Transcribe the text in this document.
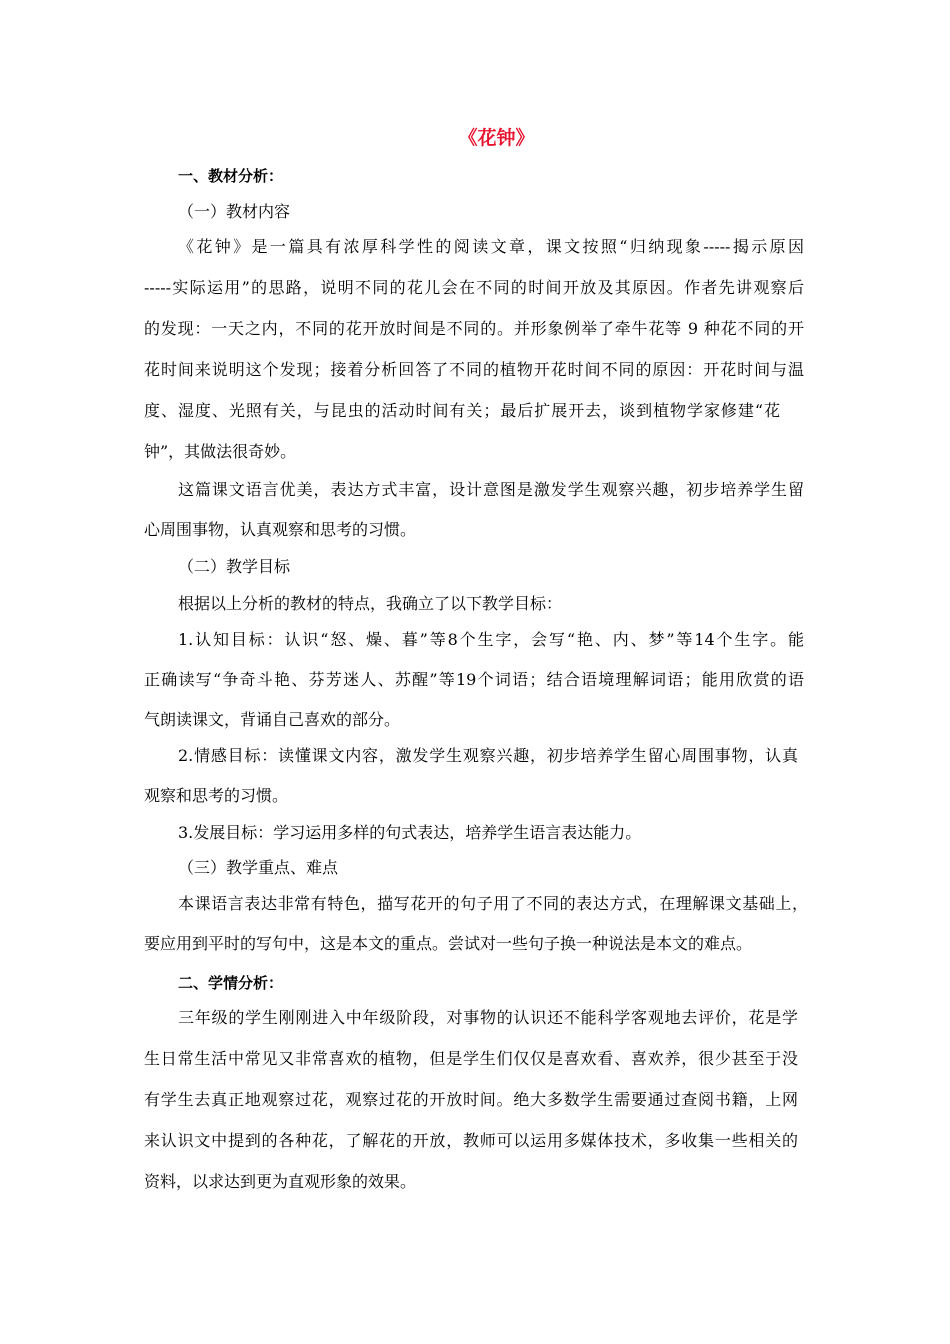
《花钟》
一、教材分析：
（一）教材内容
《花钟》是一篇具有浓厚科学性的阅读文章，课文按照“归纳现象-----揭示原因
-----实际运用”的思路，说明不同的花儿会在不同的时间开放及其原因。作者先讲观察后
的发现：一天之内，不同的花开放时间是不同的。并形象例举了牵牛花等 9 种花不同的开
花时间来说明这个发现；接着分析回答了不同的植物开花时间不同的原因：开花时间与温
度、湿度、光照有关，与昆虫的活动时间有关；最后扩展开去，谈到植物学家修建“花
钟”，其做法很奇妙。
这篇课文语言优美，表达方式丰富，设计意图是激发学生观察兴趣，初步培养学生留
心周围事物，认真观察和思考的习惯。
（二）教学目标
根据以上分析的教材的特点，我确立了以下教学目标：
1.认知目标：认识“怒、燥、暮”等8个生字，会写“艳、内、梦”等14个生字。能
正确读写“争奇斗艳、芬芳迷人、苏醒”等19个词语；结合语境理解词语；能用欣赏的语
气朗读课文，背诵自己喜欢的部分。
2.情感目标：读懂课文内容，激发学生观察兴趣，初步培养学生留心周围事物，认真
观察和思考的习惯。
3.发展目标：学习运用多样的句式表达，培养学生语言表达能力。
（三）教学重点、难点
本课语言表达非常有特色，描写花开的句子用了不同的表达方式，在理解课文基础上，
要应用到平时的写句中，这是本文的重点。尝试对一些句子换一种说法是本文的难点。
二、学情分析：
三年级的学生刚刚进入中年级阶段，对事物的认识还不能科学客观地去评价，花是学
生日常生活中常见又非常喜欢的植物，但是学生们仅仅是喜欢看、喜欢养，很少甚至于没
有学生去真正地观察过花，观察过花的开放时间。绝大多数学生需要通过查阅书籍，上网
来认识文中提到的各种花，了解花的开放，教师可以运用多媒体技术，多收集一些相关的
资料，以求达到更为直观形象的效果。
